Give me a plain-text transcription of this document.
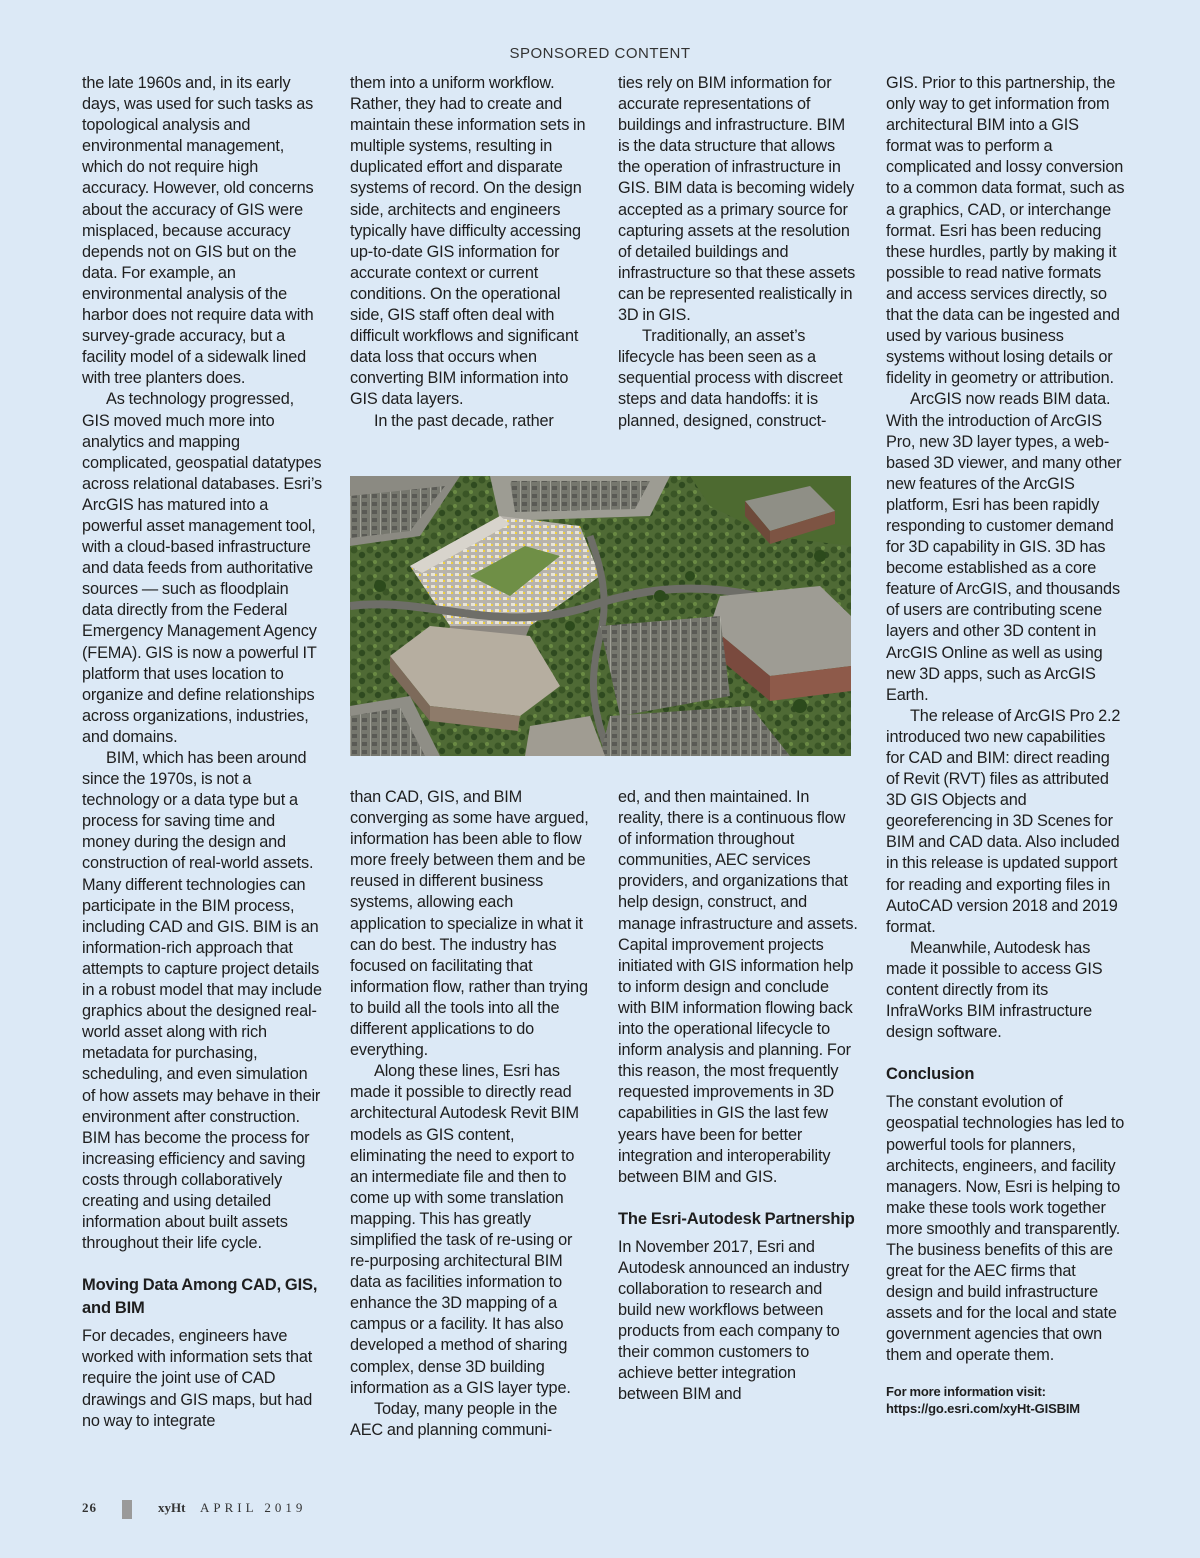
SPONSORED CONTENT

the late 1960s and, in its early days, was used for such tasks as topological analysis and environmental management, which do not require high accuracy. However, old concerns about the accuracy of GIS were misplaced, because accuracy depends not on GIS but on the data. For example, an environmental analysis of the harbor does not require data with survey-grade accuracy, but a facility model of a sidewalk lined with tree planters does.

As technology progressed, GIS moved much more into analytics and mapping complicated, geospatial datatypes across relational databases. Esri’s ArcGIS has matured into a powerful asset management tool, with a cloud-based infrastructure and data feeds from authoritative sources — such as floodplain data directly from the Federal Emergency Management Agency (FEMA). GIS is now a powerful IT platform that uses location to organize and define relationships across organizations, industries, and domains.

BIM, which has been around since the 1970s, is not a technology or a data type but a process for saving time and money during the design and construction of real-world assets. Many different technologies can participate in the BIM process, including CAD and GIS. BIM is an information-rich approach that attempts to capture project details in a robust model that may include graphics about the designed real-world asset along with rich metadata for purchasing, scheduling, and even simulation of how assets may behave in their environment after construction. BIM has become the process for increasing efficiency and saving costs through collaboratively creating and using detailed information about built assets throughout their life cycle.

Moving Data Among CAD, GIS, and BIM

For decades, engineers have worked with information sets that require the joint use of CAD drawings and GIS maps, but had no way to integrate

them into a uniform workflow. Rather, they had to create and maintain these information sets in multiple systems, resulting in duplicated effort and disparate systems of record. On the design side, architects and engineers typically have difficulty accessing up-to-date GIS information for accurate context or current conditions. On the operational side, GIS staff often deal with difficult workflows and significant data loss that occurs when converting BIM information into GIS data layers.

In the past decade, rather

ties rely on BIM information for accurate representations of buildings and infrastructure. BIM is the data structure that allows the operation of infrastructure in GIS. BIM data is becoming widely accepted as a primary source for capturing assets at the resolution of detailed buildings and infrastructure so that these assets can be represented realistically in 3D in GIS.

Traditionally, an asset’s lifecycle has been seen as a sequential process with discreet steps and data handoffs: it is planned, designed, construct-

than CAD, GIS, and BIM converging as some have argued, information has been able to flow more freely between them and be reused in different business systems, allowing each application to specialize in what it can do best. The industry has focused on facilitating that information flow, rather than trying to build all the tools into all the different applications to do everything.

Along these lines, Esri has made it possible to directly read architectural Autodesk Revit BIM models as GIS content, eliminating the need to export to an intermediate file and then to come up with some translation mapping. This has greatly simplified the task of re-using or re-purposing architectural BIM data as facilities information to enhance the 3D mapping of a campus or a facility. It has also developed a method of sharing complex, dense 3D building information as a GIS layer type.

Today, many people in the AEC and planning communi-

ed, and then maintained. In reality, there is a continuous flow of information throughout communities, AEC services providers, and organizations that help design, construct, and manage infrastructure and assets. Capital improvement projects initiated with GIS information help to inform design and conclude with BIM information flowing back into the operational lifecycle to inform analysis and planning. For this reason, the most frequently requested improvements in 3D capabilities in GIS the last few years have been for better integration and interoperability between BIM and GIS.

The Esri-Autodesk Partnership

In November 2017, Esri and Autodesk announced an industry collaboration to research and build new workflows between products from each company to their common customers to achieve better integration between BIM and

GIS. Prior to this partnership, the only way to get information from architectural BIM into a GIS format was to perform a complicated and lossy conversion to a common data format, such as a graphics, CAD, or interchange format. Esri has been reducing these hurdles, partly by making it possible to read native formats and access services directly, so that the data can be ingested and used by various business systems without losing details or fidelity in geometry or attribution.

ArcGIS now reads BIM data. With the introduction of ArcGIS Pro, new 3D layer types, a web-based 3D viewer, and many other new features of the ArcGIS platform, Esri has been rapidly responding to customer demand for 3D capability in GIS. 3D has become established as a core feature of ArcGIS, and thousands of users are contributing scene layers and other 3D content in ArcGIS Online as well as using new 3D apps, such as ArcGIS Earth.

The release of ArcGIS Pro 2.2 introduced two new capabilities for CAD and BIM: direct reading of Revit (RVT) files as attributed 3D GIS Objects and georeferencing in 3D Scenes for BIM and CAD data. Also included in this release is updated support for reading and exporting files in AutoCAD version 2018 and 2019 format.

Meanwhile, Autodesk has made it possible to access GIS content directly from its InfraWorks BIM infrastructure design software.

Conclusion

The constant evolution of geospatial technologies has led to powerful tools for planners, architects, engineers, and facility managers. Now, Esri is helping to make these tools work together more smoothly and transparently. The business benefits of this are great for the AEC firms that design and build infrastructure assets and for the local and state government agencies that own them and operate them.

For more information visit:
https://go.esri.com/xyHt-GISBIM
26	xyHt APRIL 2019
